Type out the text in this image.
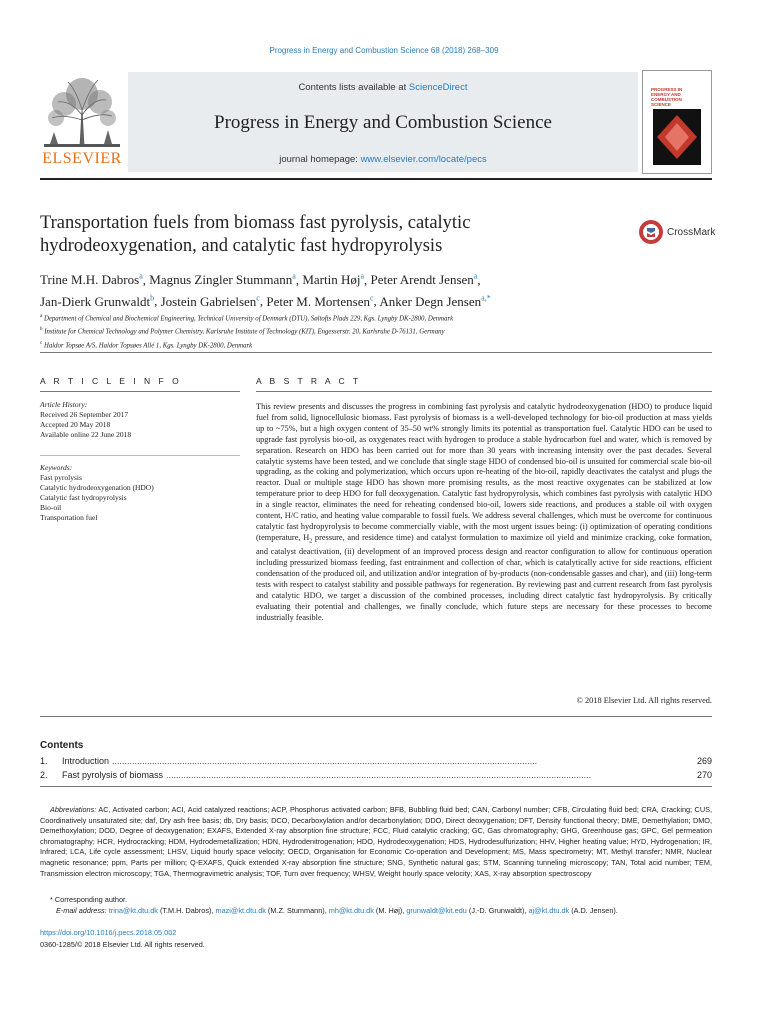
Progress in Energy and Combustion Science 68 (2018) 268–309
ELSEVIER
Contents lists available at ScienceDirect
Progress in Energy and Combustion Science
journal homepage: www.elsevier.com/locate/pecs
PROGRESS IN ENERGY AND COMBUSTION SCIENCE
Transportation fuels from biomass fast pyrolysis, catalytic hydrodeoxygenation, and catalytic fast hydropyrolysis
CrossMark
Trine M.H. Dabros$^a$, Magnus Zingler Stummann$^a$, Martin Høj$^a$, Peter Arendt Jensen$^a$,
Jan-Dierk Grunwaldt$^b$, Jostein Gabrielsen$^c$, Peter M. Mortensen$^c$, Anker Degn Jensen$^{a,*}$
$^a$ Department of Chemical and Biochemical Engineering, Technical University of Denmark (DTU), Søltofts Plads 229, Kgs. Lyngby DK-2800, Denmark
$^b$ Institute for Chemical Technology and Polymer Chemistry, Karlsruhe Institute of Technology (KIT), Engesserstr. 20, Karlsruhe D-76131, Germany
$^c$ Haldor Topsøe A/S, Haldor Topsøes Allé 1, Kgs. Lyngby DK-2800, Denmark
A R T I C L E I N F O	A B S T R A C T
Article History:
Received 26 September 2017
Accepted 20 May 2018
Available online 22 June 2018
Keywords:
Fast pyrolysis
Catalytic hydrodeoxygenation (HDO)
Catalytic fast hydropyrolysis
Bio-oil
Transportation fuel
This review presents and discusses the progress in combining fast pyrolysis and catalytic hydrodeoxygenation (HDO) to produce liquid fuel from solid, lignocellulosic biomass. Fast pyrolysis of biomass is a well-developed technology for bio-oil production at mass yields up to ~75%, but a high oxygen content of 35–50 wt% strongly limits its potential as transportation fuel. Catalytic HDO can be used to upgrade fast pyrolysis bio-oil, as oxygenates react with hydrogen to produce a stable hydrocarbon fuel and water, which is removed by separation. Research on HDO has been carried out for more than 30 years with increasing intensity over the past decades. Several catalytic systems have been tested, and we conclude that single stage HDO of condensed bio-oil is unsuited for commercial scale bio-oil upgrading, as the coking and polymerization, which occurs upon re-heating of the bio-oil, rapidly deactivates the catalyst and plugs the reactor. Dual or multiple stage HDO has shown more promising results, as the most reactive oxygenates can be stabilized at low temperature prior to deep HDO for full deoxygenation. Catalytic fast hydropyrolysis, which combines fast pyrolysis with catalytic HDO in a single reactor, eliminates the need for reheating condensed bio-oil, lowers side reactions, and produces a stable oil with oxygen content, H/C ratio, and heating value comparable to fossil fuels. We address several challenges, which must be overcome for continuous catalytic fast hydropyrolysis to become commercially viable, with the most urgent issues being: (i) optimization of operating conditions (temperature, $H_2$ pressure, and residence time) and catalyst formulation to maximize oil yield and minimize cracking, coke formation, and catalyst deactivation, (ii) development of an improved process design and reactor configuration to allow for continuous operation including pressurized biomass feeding, fast entrainment and collection of char, which is catalytically active for side reactions, efficient condensation of the produced oil, and utilization and/or integration of by-products (non-condensable gasses and char), and (iii) long-term tests with respect to catalyst stability and possible pathways for regeneration. By reviewing past and current research from fast pyrolysis and catalytic HDO, we target a discussion of the combined processes, including direct catalytic fast hydropyrolysis. By critically evaluating their potential and challenges, we finally conclude, which future steps are necessary for these processes to become industrially feasible.
© 2018 Elsevier Ltd. All rights reserved.
Contents
1.	Introduction ..........................................................................................................................................................................	269
2.	Fast pyrolysis of biomass ..........................................................................................................................................................................	270
Abbreviations: AC, Activated carbon; ACI, Acid catalyzed reactions; ACP, Phosphorus activated carbon; BFB, Bubbling fluid bed; CAN, Carbonyl number; CFB, Circulating fluid bed; CRA, Cracking; CUS, Coordinatively unsaturated site; daf, Dry ash free basis; db, Dry basis; DCO, Decarboxylation and/or decarbonylation; DDO, Direct deoxygenation; DFT, Density functional theory; DME, Demethylation; DMO, Demethoxylation; DOD, Degree of deoxygenation; EXAFS, Extended X-ray absorption fine structure; FCC, Fluid catalytic cracking; GC, Gas chromatography; GHG, Greenhouse gas; GPC, Gel permeation chromatography; HCR, Hydrocracking; HDM, Hydrodemetallization; HDN, Hydrodenitrogenation; HDO, Hydrodeoxygenation; HDS, Hydrodesulfurization; HHV, Higher heating value; HYD, Hydrogenation; IR, Infrared; LCA, Life cycle assessment; LHSV, Liquid hourly space velocity; OECD, Organisation for Economic Co-operation and Development; MS, Mass spectrometry; MT, Methyl transfer; NMR, Nuclear magnetic resonance; ppm, Parts per million; Q-EXAFS, Quick extended X-ray absorption fine structure; SNG, Synthetic natural gas; STM, Scanning tunneling microscopy; TAN, Total acid number; TEM, Transmission electron microscopy; TGA, Thermogravimetric analysis; TOF, Turn over frequency; WHSV, Weight hourly space velocity; XAS, X-ray absorption spectroscopy
* Corresponding author.
E-mail address: trina@kt.dtu.dk (T.M.H. Dabros), mazi@kt.dtu.dk (M.Z. Stummann), mh@kt.dtu.dk (M. Høj), grunwaldt@kit.edu (J.-D. Grunwaldt), aj@kt.dtu.dk (A.D. Jensen).
https://doi.org/10.1016/j.pecs.2018.05.002
0360-1285/© 2018 Elsevier Ltd. All rights reserved.
